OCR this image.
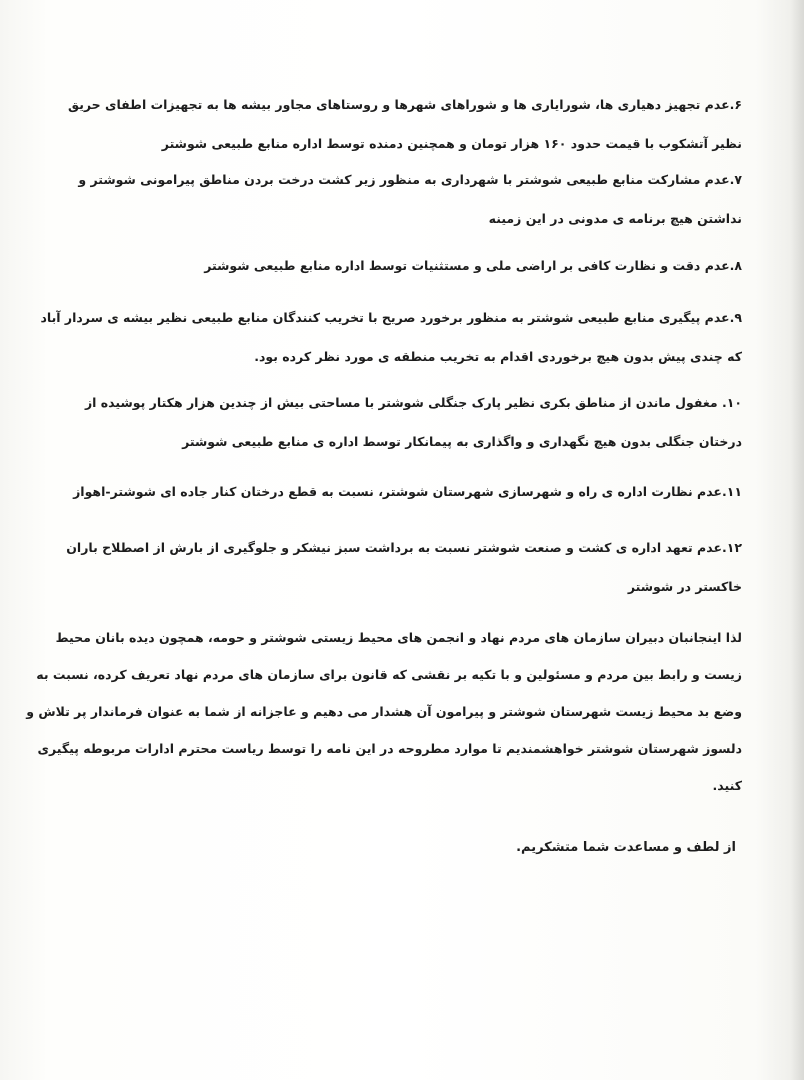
۶.عدم تجهیز دهیاری ها، شورایاری ها و شوراهای شهرها و روستاهای مجاور بیشه ها به تجهیزات اطفای حریق
نظیر آتشکوب با قیمت حدود ۱۶۰ هزار تومان و همچنین دمنده توسط اداره منابع طبیعی شوشتر
۷.عدم مشارکت منابع طبیعی شوشتر با شهرداری به منظور زیر کشت درخت بردن مناطق پیرامونی شوشتر و
نداشتن هیچ برنامه ی مدونی در این زمینه
۸.عدم دقت و نظارت کافی بر اراضی ملی و مستثنیات توسط اداره منابع طبیعی شوشتر
۹.عدم پیگیری منابع طبیعی شوشتر به منظور برخورد صریح با تخریب کنندگان منابع طبیعی نظیر بیشه ی سردار آباد
که چندی پیش بدون هیچ برخوردی اقدام به تخریب منطقه ی مورد نظر کرده بود.
۱۰. مغفول ماندن از مناطق بکری نظیر پارک جنگلی شوشتر با مساحتی بیش از چندین هزار هکتار پوشیده از
درختان جنگلی بدون هیچ نگهداری و واگذاری به پیمانکار توسط اداره ی منابع طبیعی شوشتر
۱۱.عدم نظارت اداره ی راه و شهرسازی شهرستان شوشتر، نسبت به قطع درختان کنار جاده ای شوشتر-اهواز
۱۲.عدم تعهد اداره ی کشت و صنعت شوشتر نسبت به برداشت سبز نیشکر و جلوگیری از بارش از اصطلاح باران
خاکستر در شوشتر
لذا اینجانبان دبیران سازمان های مردم نهاد و انجمن های محیط زیستی شوشتر و حومه، همچون دیده بانان محیط
زیست و رابط بین مردم و مسئولین و با تکیه بر نقشی که قانون برای سازمان های مردم نهاد تعریف کرده، نسبت به
وضع بد محیط زیست شهرستان شوشتر و پیرامون آن هشدار می دهیم و عاجزانه از شما به عنوان فرماندار پر تلاش و
دلسوز شهرستان شوشتر خواهشمندیم تا موارد مطروحه در این نامه را توسط ریاست محترم ادارات مربوطه پیگیری
کنید.
از لطف و مساعدت شما متشکریم.
